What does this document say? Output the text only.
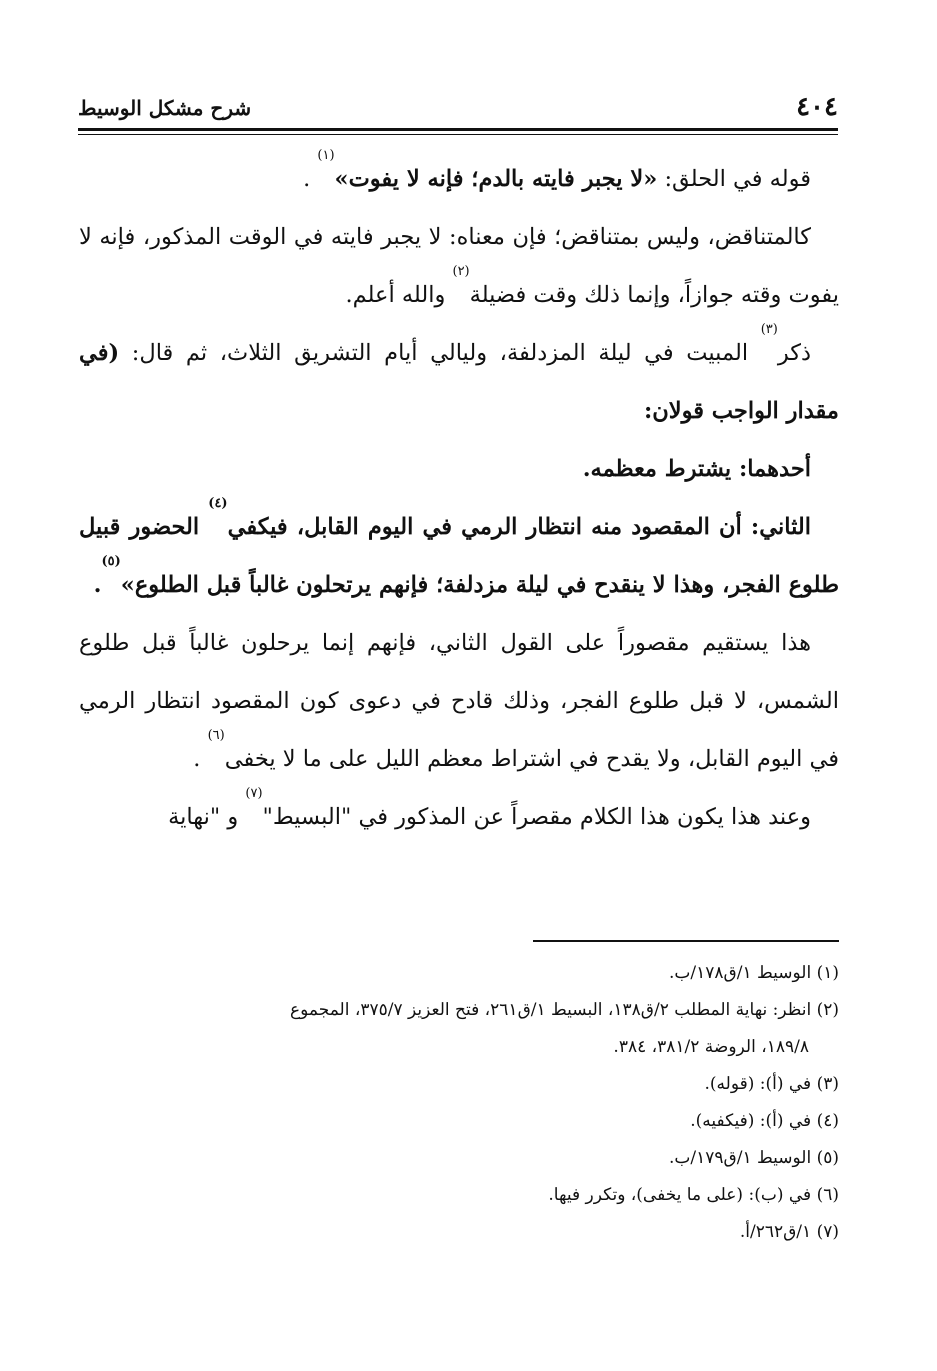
٤٠٤
شرح مشكل الوسيط

قوله في الحلق: «لا يجبر فايته بالدم؛ فإنه لا يفوت»$^{(١)}$ .

كالمتناقض، وليس بمتناقض؛ فإن معناه: لا يجبر فايته في الوقت المذكور، فإنه لا يفوت وقته جوازاً، وإنما ذلك وقت فضيلة$^{(٢)}$ والله أعلم.

ذكر$^{(٣)}$ المبيت في ليلة المزدلفة، وليالي أيام التشريق الثلاث، ثم قال: (في مقدار الواجب قولان:

أحدهما: يشترط معظمه.

الثاني: أن المقصود منه انتظار الرمي في اليوم القابل، فيكفي$^{(٤)}$ الحضور قبيل طلوع الفجر، وهذا لا ينقدح في ليلة مزدلفة؛ فإنهم يرتحلون غالباً قبل الطلوع»$^{(٥)}$.

هذا يستقيم مقصوراً على القول الثاني، فإنهم إنما يرحلون غالباً قبل طلوع الشمس، لا قبل طلوع الفجر، وذلك قادح في دعوى كون المقصود انتظار الرمي في اليوم القابل، ولا يقدح في اشتراط معظم الليل على ما لا يخفى$^{(٦)}$ .

وعند هذا يكون هذا الكلام مقصراً عن المذكور في "البسيط"$^{(٧)}$ و "نهاية

(١) الوسيط ١/ق١٧٨/ب.

(٢) انظر: نهاية المطلب ٢/ق١٣٨، البسيط ١/ق٢٦١، فتح العزيز ٣٧٥/٧، المجموع

١٨٩/٨، الروضة ٣٨١/٢، ٣٨٤.

(٣) في (أ): (قوله).

(٤) في (أ): (فيكفيه).

(٥) الوسيط ١/ق١٧٩/ب.

(٦) في (ب): (على ما يخفى)، وتكرر فيها.

(٧) ١/ق٢٦٢/أ.
